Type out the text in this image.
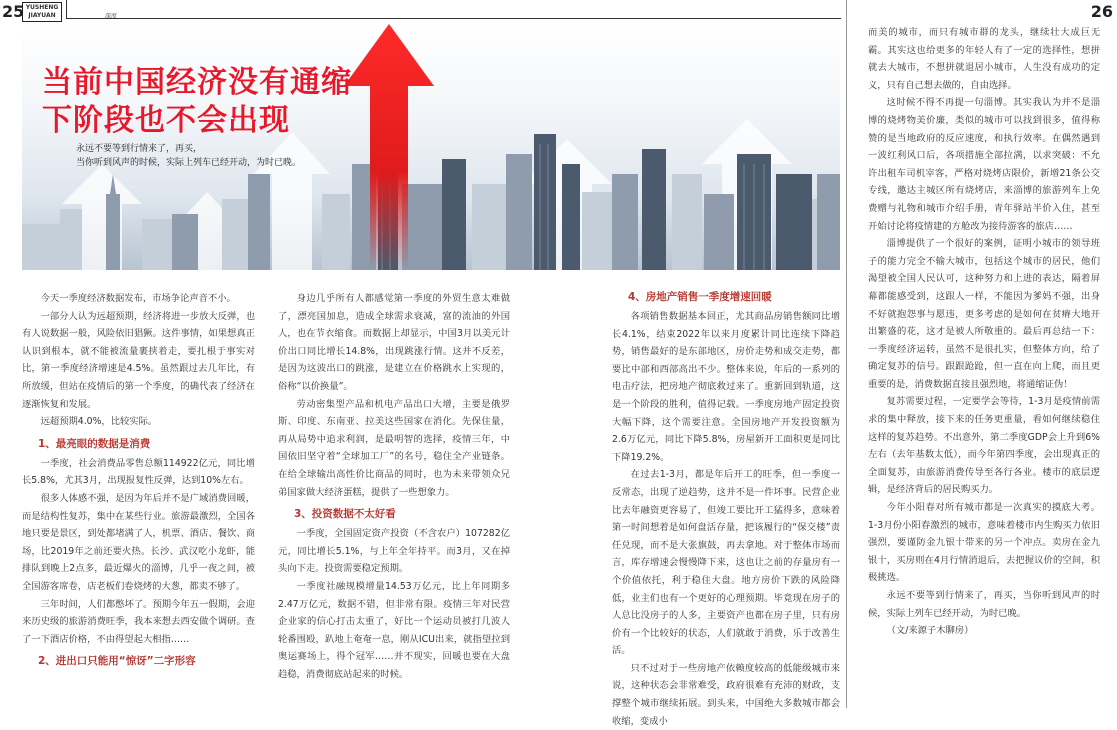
25 YUSHENG
JIAYUAN	深度	26
当前中国经济没有通缩
下阶段也不会出现
永远不要等到行情来了，再买，
当你听到风声的时候，实际上列车已经开动，为时已晚。

今天一季度经济数据发布，市场争论声音不小。

一部分人认为远超预期，经济将进一步放大反弹，也有人说数据一般，风险依旧猖獗。这件事情，如果想真正认识到根本，就不能被流量裹挟着走，要扎根于事实对比，第一季度经济增速是4.5%。虽然跟过去几年比，有所放缓，但站在疫情后的第一个季度，的确代表了经济在逐渐恢复和发展。

远超预期4.0%，比较实际。

1、最亮眼的数据是消费

一季度，社会消费品零售总额114922亿元，同比增长5.8%，尤其3月，出现报复性反弹，达到10%左右。

很多人体感不强，是因为年后并不是广域消费回暖，而是结构性复苏，集中在某些行业。旅游最激烈，全国各地只要是景区，到处都堵满了人，机票、酒店、餐饮、商场，比2019年之前还要火热。长沙、武汉吃小龙虾，能排队到晚上2点多，最近爆火的淄博，几乎一夜之间，被全国游客席卷，店老板们卷烧烤的大葱，都卖不够了。

三年时间，人们都憋坏了。预期今年五一假期，会迎来历史级的旅游消费旺季，我本来想去西安做个调研。查了一下酒店价格，不由得望起大相指……

2、进出口只能用“惊讶”二字形容

身边几乎所有人都感觉第一季度的外贸生意太难做了，漂亮国加息，造成全球需求衰减，富的流油的外国人，也在节衣缩食。而数据上却显示，中国3月以美元计价出口同比增长14.8%，出现跳涨行情。这并不反差，是因为这波出口的跳涨，是建立在价格跳水上实现的，俗称“以价换量”。

劳动密集型产品和机电产品出口大增，主要是俄罗斯、印度、东南亚、拉美这些国家在消化。先保住量，再从局势中追求利润，是最明智的选择，疫情三年，中国依旧坚守着“全球加工厂”的名号，稳住全产业链条。在给全球输出高性价比商品的同时，也为未来带领众兄弟国家做大经济蛋糕，提供了一些想象力。

3、投资数据不太好看

一季度，全国固定资产投资（不含农户）107282亿元，同比增长5.1%，与上年全年持平。而3月，又在掉头向下走。投资需要稳定预期。

一季度社融规模增量14.53万亿元，比上年同期多2.47万亿元，数据不错，但非常有限。疫情三年对民营企业家的信心打击太重了，好比一个运动员被打几波人轮番围殴，趴地上奄奄一息，刚从ICU出来，就指望拉到奥运赛场上，得个冠军……并不现实，回暖也要在大盘趋稳，消费彻底站起来的时候。

4、房地产销售一季度增速回暖

各项销售数据基本回正，尤其商品房销售额同比增长4.1%，结束2022年以来月度累计同比连续下降趋势，销售最好的是东部地区，房价走势和成交走势，都要比中部和西部高出不少。整体来说，年后的一系列的电击疗法，把房地产彻底救过来了。重新回到轨道，这是一个阶段的胜利，值得记载。一季度房地产固定投资大幅下降，这个需要注意。全国房地产开发投资额为2.6万亿元，同比下降5.8%，房屋新开工面积更是同比下降19.2%。

在过去1-3月，都是年后开工的旺季，但一季度一反常态，出现了逆趋势，这并不是一件坏事。民营企业比去年融资更容易了，但竣工要比开工猛得多，意味着第一时间想着是如何盘活存量，把该履行的“保交楼”责任兑现，而不是大张旗鼓，再去拿地。对于整体市场而言，库存增速会慢慢降下来，这也让之前的存量房有一个价值依托，利于稳住大盘。地方房价下跌的风险降低，业主们也有一个更好的心理预期。毕竟现在房子的人总比没房子的人多，主要资产也都在房子里，只有房价有一个比较好的状态，人们就敢于消费，乐于改善生活。

只不过对于一些房地产依赖度较高的低能级城市来说，这种状态会非常难受，政府很难有充沛的财政，支撑整个城市继续拓展。到头来，中国绝大多数城市都会收缩，变成小

而美的城市，而只有城市群的龙头，继续壮大成巨无霸。其实这也给更多的年轻人有了一定的选择性，想拼就去大城市，不想拼就退居小城市，人生没有成功的定义，只有自己想去做的，自由选择。

这时候不得不再提一句淄博。其实我认为并不是淄博的烧烤物美价廉，类似的城市可以找到很多，值得称赞的是当地政府的反应速度，和执行效率。在偶然遇到一波红利风口后，各项措施全部拉满，以求突破：不允许出租车司机宰客，严格对烧烤店限价，新增21条公交专线，邀达主城区所有烧烤店，来淄博的旅游列车上免费赠与礼物和城市介绍手册，青年驿站半价入住，甚至开始讨论将疫情建的方舱改为接待游客的旅店……

淄博提供了一个很好的案例，证明小城市的领导班子的能力完全不输大城市，包括这个城市的居民，他们渴望被全国人民认可，这种努力和上进的表达，隔着屏幕都能感受到，这跟人一样，不能因为爹妈不强，出身不好就抱怨事与愿违，更多考虑的是如何在贫瘠大地开出繁盛的花，这才是被人所敬重的。最后再总结一下：一季度经济运转，虽然不是很扎实，但整体方向，给了确定复苏的信号。跟跟跄跄，但一直在向上爬，而且更重要的是，消费数据直接且强烈地，将通缩证伪！

复苏需要过程，一定要学会等待，1-3月是疫情前需求的集中释放，接下来的任务更重量，看如何继续稳住这样的复苏趋势。不出意外，第二季度GDP会上升到6%左右（去年基数太低），而今年第四季度，会出现真正的全面复苏，由旅游消费传导至各行各业。楼市的底层逻辑，是经济背后的居民购买力。

今年小阳春对所有城市都是一次真实的摸底大考。1-3月份小阳春激烈的城市，意味着楼市内生购买力依旧强烈，要谨防金九银十带来的另一个冲点。卖房在金九银十，买房则在4月行情消退后，去把握议价的空间，积极挑选。

永远不要等到行情来了，再买，当你听到风声的时候，实际上列车已经开动，为时已晚。

（文/来源子木聊房）
